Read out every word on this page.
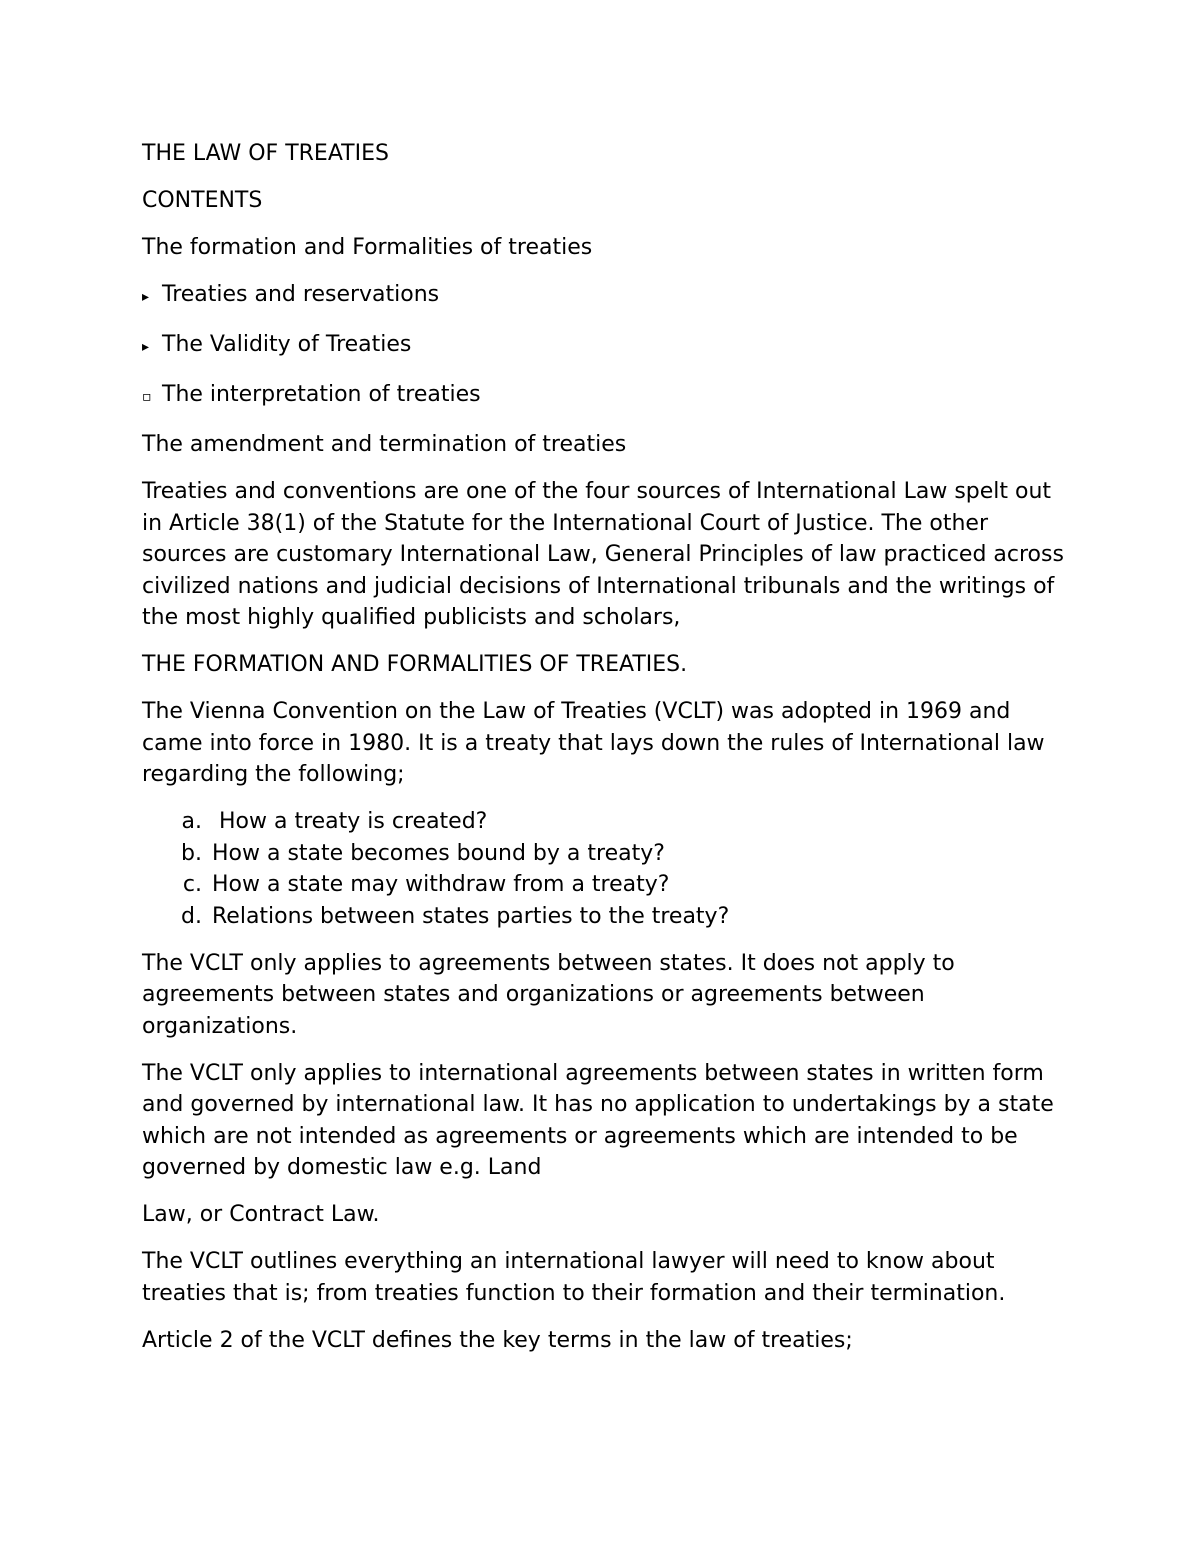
THE LAW OF TREATIES

CONTENTS

The formation and Formalities of treaties

▸ Treaties and reservations
▸ The Validity of Treaties
▫ The interpretation of treaties

The amendment and termination of treaties

Treaties and conventions are one of the four sources of International Law spelt out in Article 38(1) of the Statute for the International Court of Justice. The other sources are customary International Law, General Principles of law practiced across civilized nations and judicial decisions of International tribunals and the writings of the most highly qualified publicists and scholars,

THE FORMATION AND FORMALITIES OF TREATIES.

The Vienna Convention on the Law of Treaties (VCLT) was adopted in 1969 and came into force in 1980. It is a treaty that lays down the rules of International law regarding the following;

a. How a treaty is created?
b. How a state becomes bound by a treaty?
c. How a state may withdraw from a treaty?
d. Relations between states parties to the treaty?

The VCLT only applies to agreements between states. It does not apply to agreements between states and organizations or agreements between organizations.

The VCLT only applies to international agreements between states in written form and governed by international law. It has no application to undertakings by a state which are not intended as agreements or agreements which are intended to be governed by domestic law e.g. Land

Law, or Contract Law.

The VCLT outlines everything an international lawyer will need to know about treaties that is; from treaties function to their formation and their termination.

Article 2 of the VCLT defines the key terms in the law of treaties;
